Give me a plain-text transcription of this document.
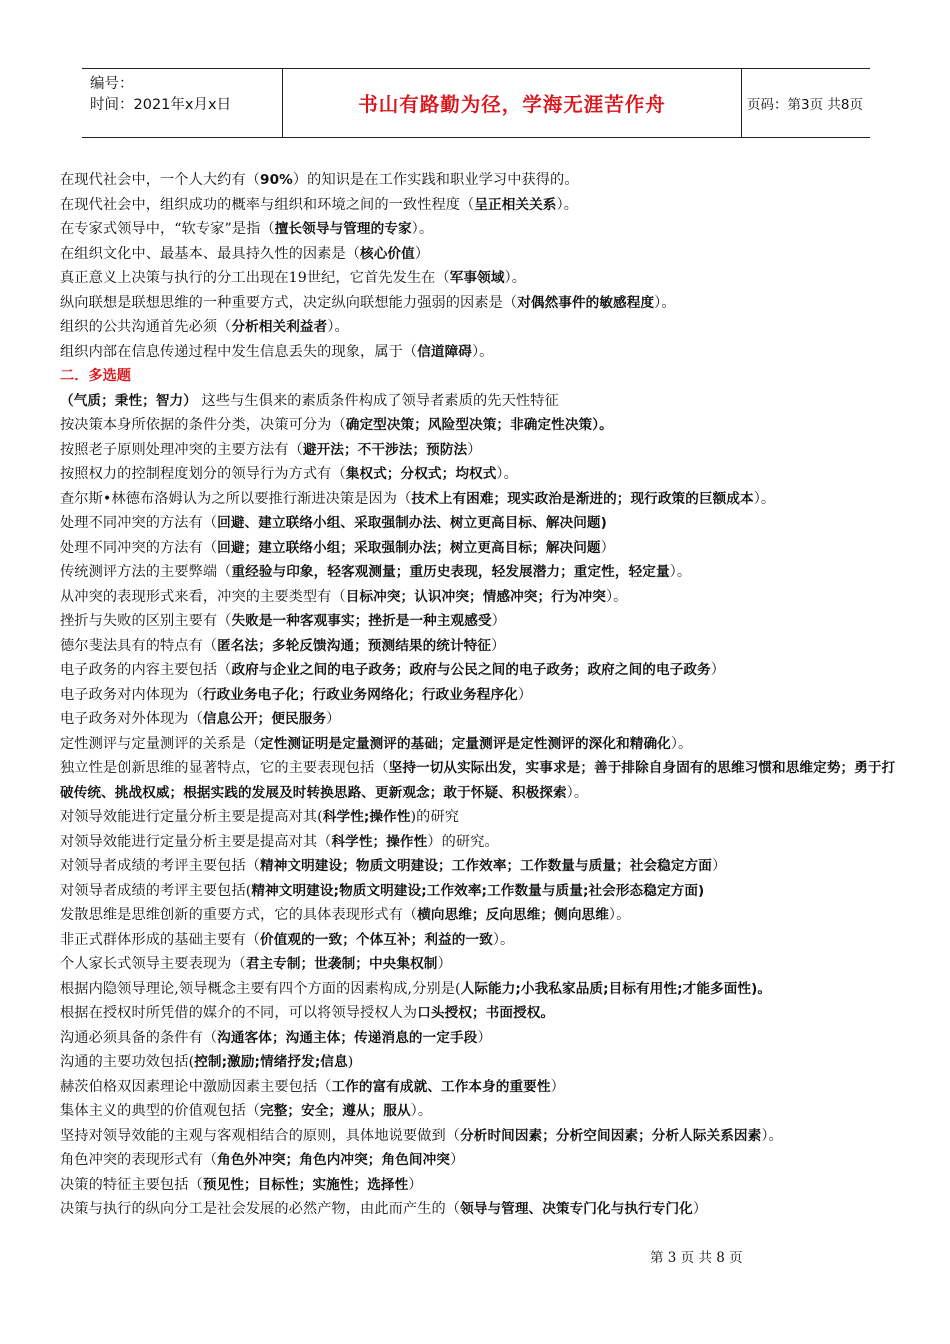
编号：
时间：2021年x月x日	书山有路勤为径，学海无涯苦作舟	页码：第3页 共8页
在现代社会中，一个人大约有（90%）的知识是在工作实践和职业学习中获得的。
在现代社会中，组织成功的概率与组织和环境之间的一致性程度（呈正相关关系）。
在专家式领导中，“软专家”是指（擅长领导与管理的专家）。
在组织文化中、最基本、最具持久性的因素是（核心价值）
真正意义上决策与执行的分工出现在19世纪，它首先发生在（军事领域）。
纵向联想是联想思维的一种重要方式，决定纵向联想能力强弱的因素是（对偶然事件的敏感程度）。
组织的公共沟通首先必须（分析相关利益者）。
组织内部在信息传递过程中发生信息丢失的现象，属于（信道障碍）。
二．多选题
（气质；秉性；智力） 这些与生俱来的素质条件构成了领导者素质的先天性特征
按决策本身所依据的条件分类，决策可分为（确定型决策；风险型决策；非确定性决策）。
按照老子原则处理冲突的主要方法有（避开法；不干涉法；预防法）
按照权力的控制程度划分的领导行为方式有（集权式；分权式；均权式）。
查尔斯•林德布洛姆认为之所以要推行渐进决策是因为（技术上有困难；现实政治是渐进的；现行政策的巨额成本）。
处理不同冲突的方法有（回避、建立联络小组、采取强制办法、树立更高目标、解决问题)
处理不同冲突的方法有（回避；建立联络小组；采取强制办法；树立更高目标；解决问题）
传统测评方法的主要弊端（重经验与印象，轻客观测量；重历史表现，轻发展潜力；重定性，轻定量）。
从冲突的表现形式来看，冲突的主要类型有（目标冲突；认识冲突；情感冲突；行为冲突）。
挫折与失败的区别主要有（失败是一种客观事实；挫折是一种主观感受）
德尔斐法具有的特点有（匿名法；多轮反馈沟通；预测结果的统计特征）
电子政务的内容主要包括（政府与企业之间的电子政务；政府与公民之间的电子政务；政府之间的电子政务）
电子政务对内体现为（行政业务电子化；行政业务网络化；行政业务程序化）
电子政务对外体现为（信息公开；便民服务）
定性测评与定量测评的关系是（定性测证明是定量测评的基础；定量测评是定性测评的深化和精确化）。
独立性是创新思维的显著特点，它的主要表现包括（坚持一切从实际出发，实事求是；善于排除自身固有的思维习惯和思维定势；勇于打破传统、挑战权威；根据实践的发展及时转换思路、更新观念；敢于怀疑、积极探索）。
对领导效能进行定量分析主要是提高对其(科学性;操作性)的研究
对领导效能进行定量分析主要是提高对其（科学性；操作性）的研究。
对领导者成绩的考评主要包括（精神文明建设；物质文明建设；工作效率；工作数量与质量；社会稳定方面）
对领导者成绩的考评主要包括(精神文明建设;物质文明建设;工作效率;工作数量与质量;社会形态稳定方面)
发散思维是思维创新的重要方式，它的具体表现形式有（横向思维；反向思维；侧向思维）。
非正式群体形成的基础主要有（价值观的一致；个体互补；利益的一致）。
个人家长式领导主要表现为（君主专制；世袭制；中央集权制）
根据内隐领导理论,领导概念主要有四个方面的因素构成,分别是(人际能力;小我私家品质;目标有用性;才能多面性)。
根据在授权时所凭借的媒介的不同，可以将领导授权人为口头授权；书面授权。
沟通必须具备的条件有（沟通客体；沟通主体；传递消息的一定手段）
沟通的主要功效包括(控制;激励;情绪抒发;信息)
赫茨伯格双因素理论中激励因素主要包括（工作的富有成就、工作本身的重要性）
集体主义的典型的价值观包括（完整；安全；遵从；服从）。
坚持对领导效能的主观与客观相结合的原则，具体地说要做到（分析时间因素；分析空间因素；分析人际关系因素）。
角色冲突的表现形式有（角色外冲突；角色内冲突；角色间冲突）
决策的特征主要包括（预见性；目标性；实施性；选择性）
决策与执行的纵向分工是社会发展的必然产物，由此而产生的（领导与管理、决策专门化与执行专门化）
第 3 页 共 8 页
